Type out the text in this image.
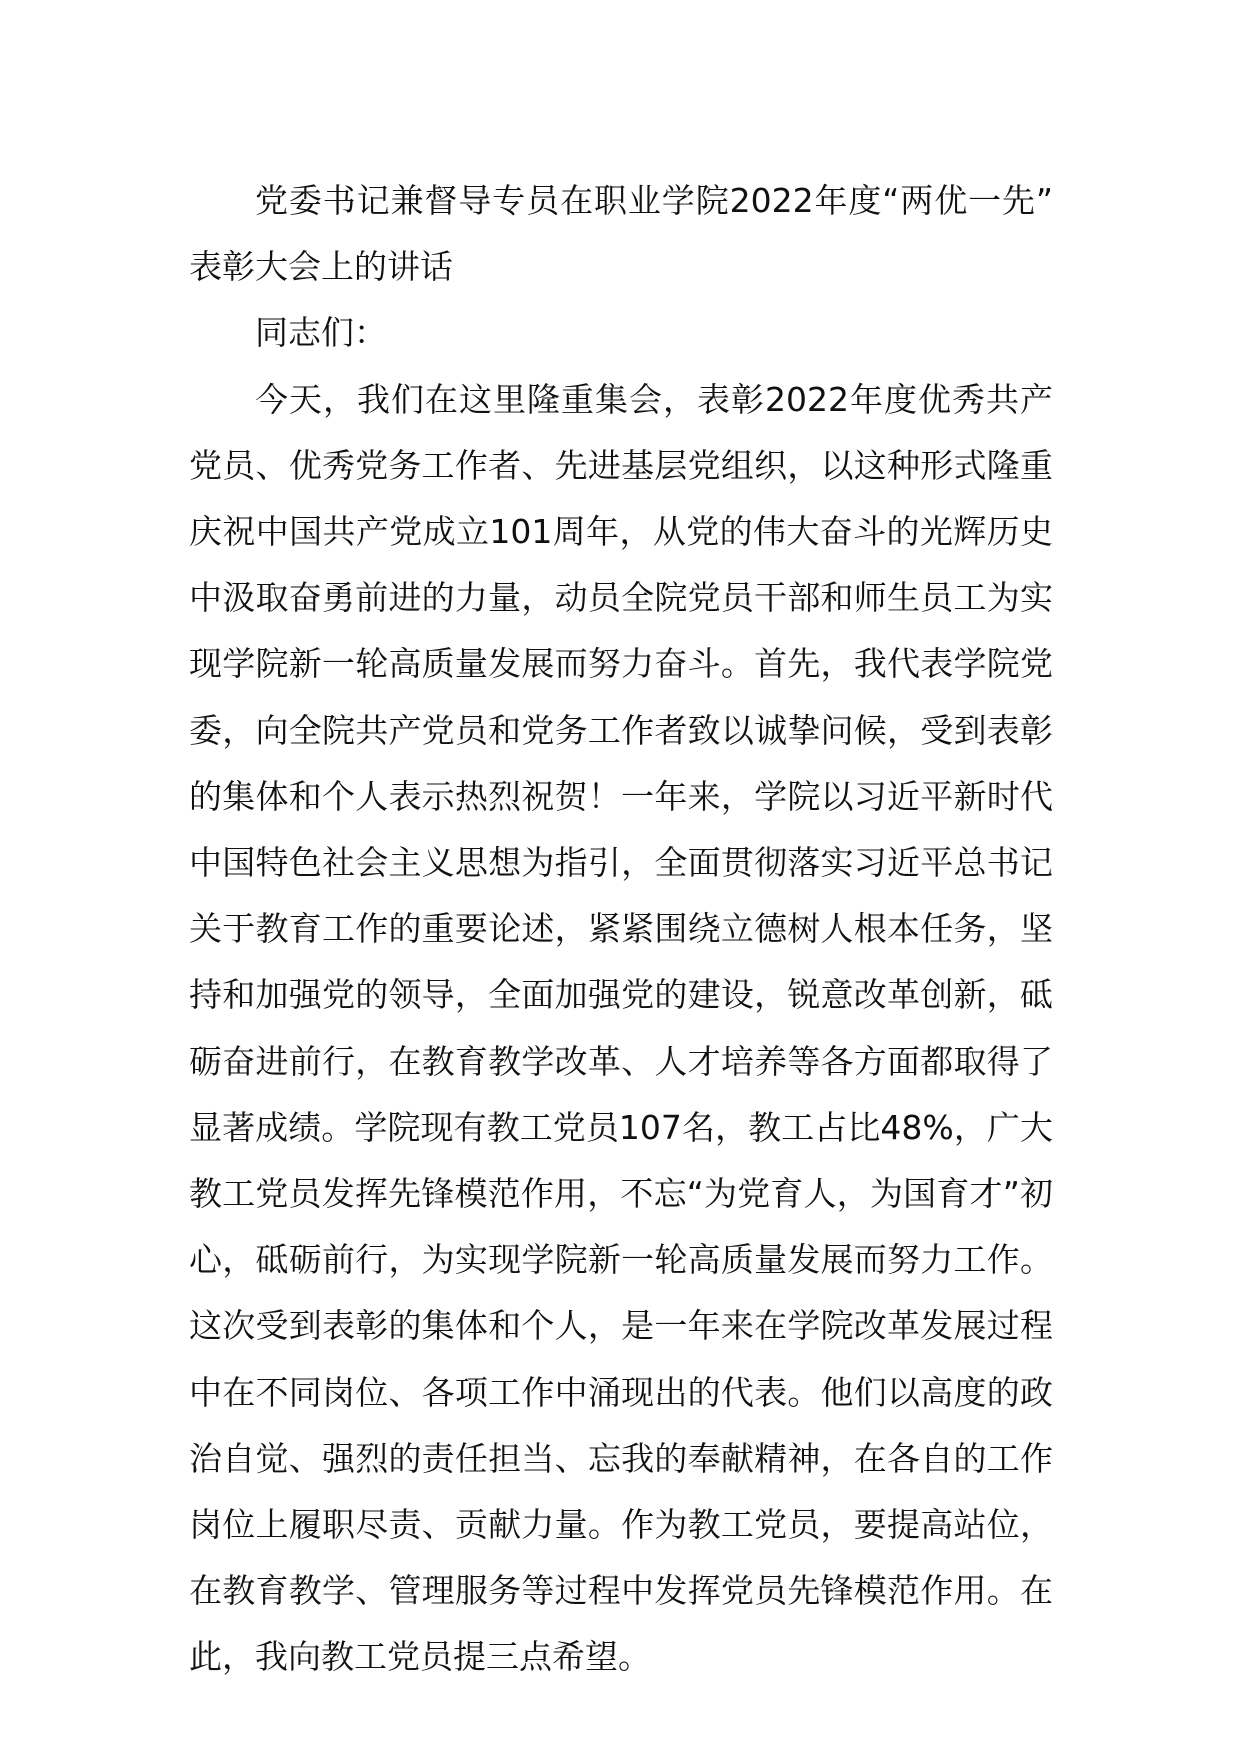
党委书记兼督导专员在职业学院2022年度“两优一先”表彰大会上的讲话

同志们：

今天，我们在这里隆重集会，表彰2022年度优秀共产党员、优秀党务工作者、先进基层党组织，以这种形式隆重庆祝中国共产党成立101周年，从党的伟大奋斗的光辉历史中汲取奋勇前进的力量，动员全院党员干部和师生员工为实现学院新一轮高质量发展而努力奋斗。首先，我代表学院党委，向全院共产党员和党务工作者致以诚挚问候，受到表彰的集体和个人表示热烈祝贺！一年来，学院以习近平新时代中国特色社会主义思想为指引，全面贯彻落实习近平总书记关于教育工作的重要论述，紧紧围绕立德树人根本任务，坚持和加强党的领导，全面加强党的建设，锐意改革创新，砥砺奋进前行，在教育教学改革、人才培养等各方面都取得了显著成绩。学院现有教工党员107名，教工占比48%，广大教工党员发挥先锋模范作用，不忘“为党育人，为国育才”初心，砥砺前行，为实现学院新一轮高质量发展而努力工作。这次受到表彰的集体和个人，是一年来在学院改革发展过程中在不同岗位、各项工作中涌现出的代表。他们以高度的政治自觉、强烈的责任担当、忘我的奉献精神，在各自的工作岗位上履职尽责、贡献力量。作为教工党员，要提高站位，在教育教学、管理服务等过程中发挥党员先锋模范作用。在此，我向教工党员提三点希望。
